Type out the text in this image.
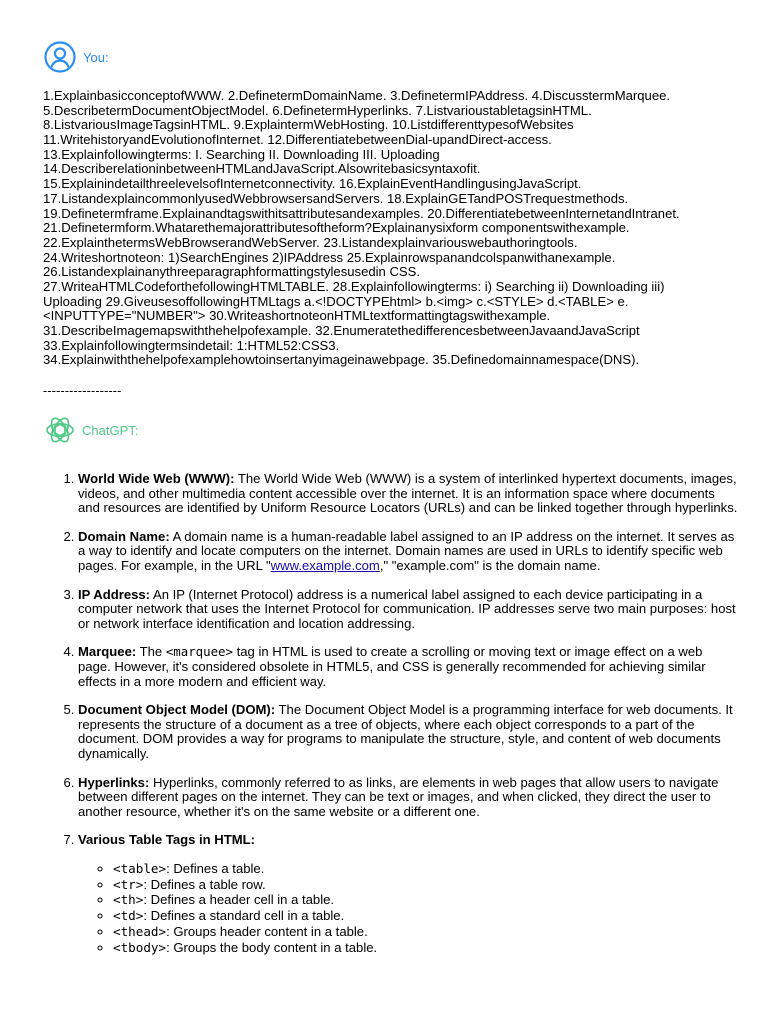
You:
1.ExplainbasicconceptofWWW. 2.DefinetermDomainName. 3.DefinetermIPAddress. 4.DiscusstermMarquee.
5.DescribetermDocumentObjectModel. 6.DefinetermHyperlinks. 7.ListvarioustabletagsinHTML.
8.ListvariousImageTagsinHTML. 9.ExplaintermWebHosting. 10.ListdifferenttypesofWebsites
11.WritehistoryandEvolutionofInternet. 12.DifferentiatebetweenDial-upandDirect-access.
13.Explainfollowingterms: I. Searching II. Downloading III. Uploading
14.DescriberelationinbetweenHTMLandJavaScript.Alsowritebasicsyntaxofit.
15.ExplainindetailthreelevelsofInternetconnectivity. 16.ExplainEventHandlingusingJavaScript.
17.ListandexplaincommonlyusedWebbrowsersandServers. 18.ExplainGETandPOSTrequestmethods.
19.Definetermframe.Explainandtagswithitsattributesandexamples. 20.DifferentiatebetweenInternetandIntranet.
21.Definetermform.Whatarethemajorattributesoftheform?Explainanysixform componentswithexample.
22.ExplainthetermsWebBrowserandWebServer. 23.Listandexplainvariouswebauthoringtools.
24.Writeshortnoteon: 1)SearchEngines 2)IPAddress 25.Explainrowspanandcolspanwithanexample.
26.Listandexplainanythreeparagraphformattingstylesusedin CSS.
27.WriteaHTMLCodeforthefollowingHTMLTABLE. 28.Explainfollowingterms: i) Searching ii) Downloading iii)
Uploading 29.GiveusesoffollowingHTMLtags a.<!DOCTYPEhtml> b.<img> c.<STYLE> d.<TABLE> e.
<INPUTTYPE="NUMBER"> 30.WriteashortnoteonHTMLtextformattingtagswithexample.
31.DescribeImagemapswiththehelpofexample. 32.EnumeratethedifferencesbetweenJavaandJavaScript
33.Explainfollowingtermsindetail: 1:HTML52:CSS3.
34.Explainwiththehelpofexamplehowtoinsertanyimageinawebpage. 35.Definedomainnamespace(DNS).
------------------
ChatGPT:
1. World Wide Web (WWW): The World Wide Web (WWW) is a system of interlinked hypertext documents, images, videos, and other multimedia content accessible over the internet. It is an information space where documents and resources are identified by Uniform Resource Locators (URLs) and can be linked together through hyperlinks.
2. Domain Name: A domain name is a human-readable label assigned to an IP address on the internet. It serves as a way to identify and locate computers on the internet. Domain names are used in URLs to identify specific web pages. For example, in the URL "www.example.com," "example.com" is the domain name.
3. IP Address: An IP (Internet Protocol) address is a numerical label assigned to each device participating in a computer network that uses the Internet Protocol for communication. IP addresses serve two main purposes: host or network interface identification and location addressing.
4. Marquee: The <marquee> tag in HTML is used to create a scrolling or moving text or image effect on a web page. However, it's considered obsolete in HTML5, and CSS is generally recommended for achieving similar effects in a more modern and efficient way.
5. Document Object Model (DOM): The Document Object Model is a programming interface for web documents. It represents the structure of a document as a tree of objects, where each object corresponds to a part of the document. DOM provides a way for programs to manipulate the structure, style, and content of web documents dynamically.
6. Hyperlinks: Hyperlinks, commonly referred to as links, are elements in web pages that allow users to navigate between different pages on the internet. They can be text or images, and when clicked, they direct the user to another resource, whether it's on the same website or a different one.
7. Various Table Tags in HTML:
◦ <table>: Defines a table.
◦ <tr>: Defines a table row.
◦ <th>: Defines a header cell in a table.
◦ <td>: Defines a standard cell in a table.
◦ <thead>: Groups header content in a table.
◦ <tbody>: Groups the body content in a table.
